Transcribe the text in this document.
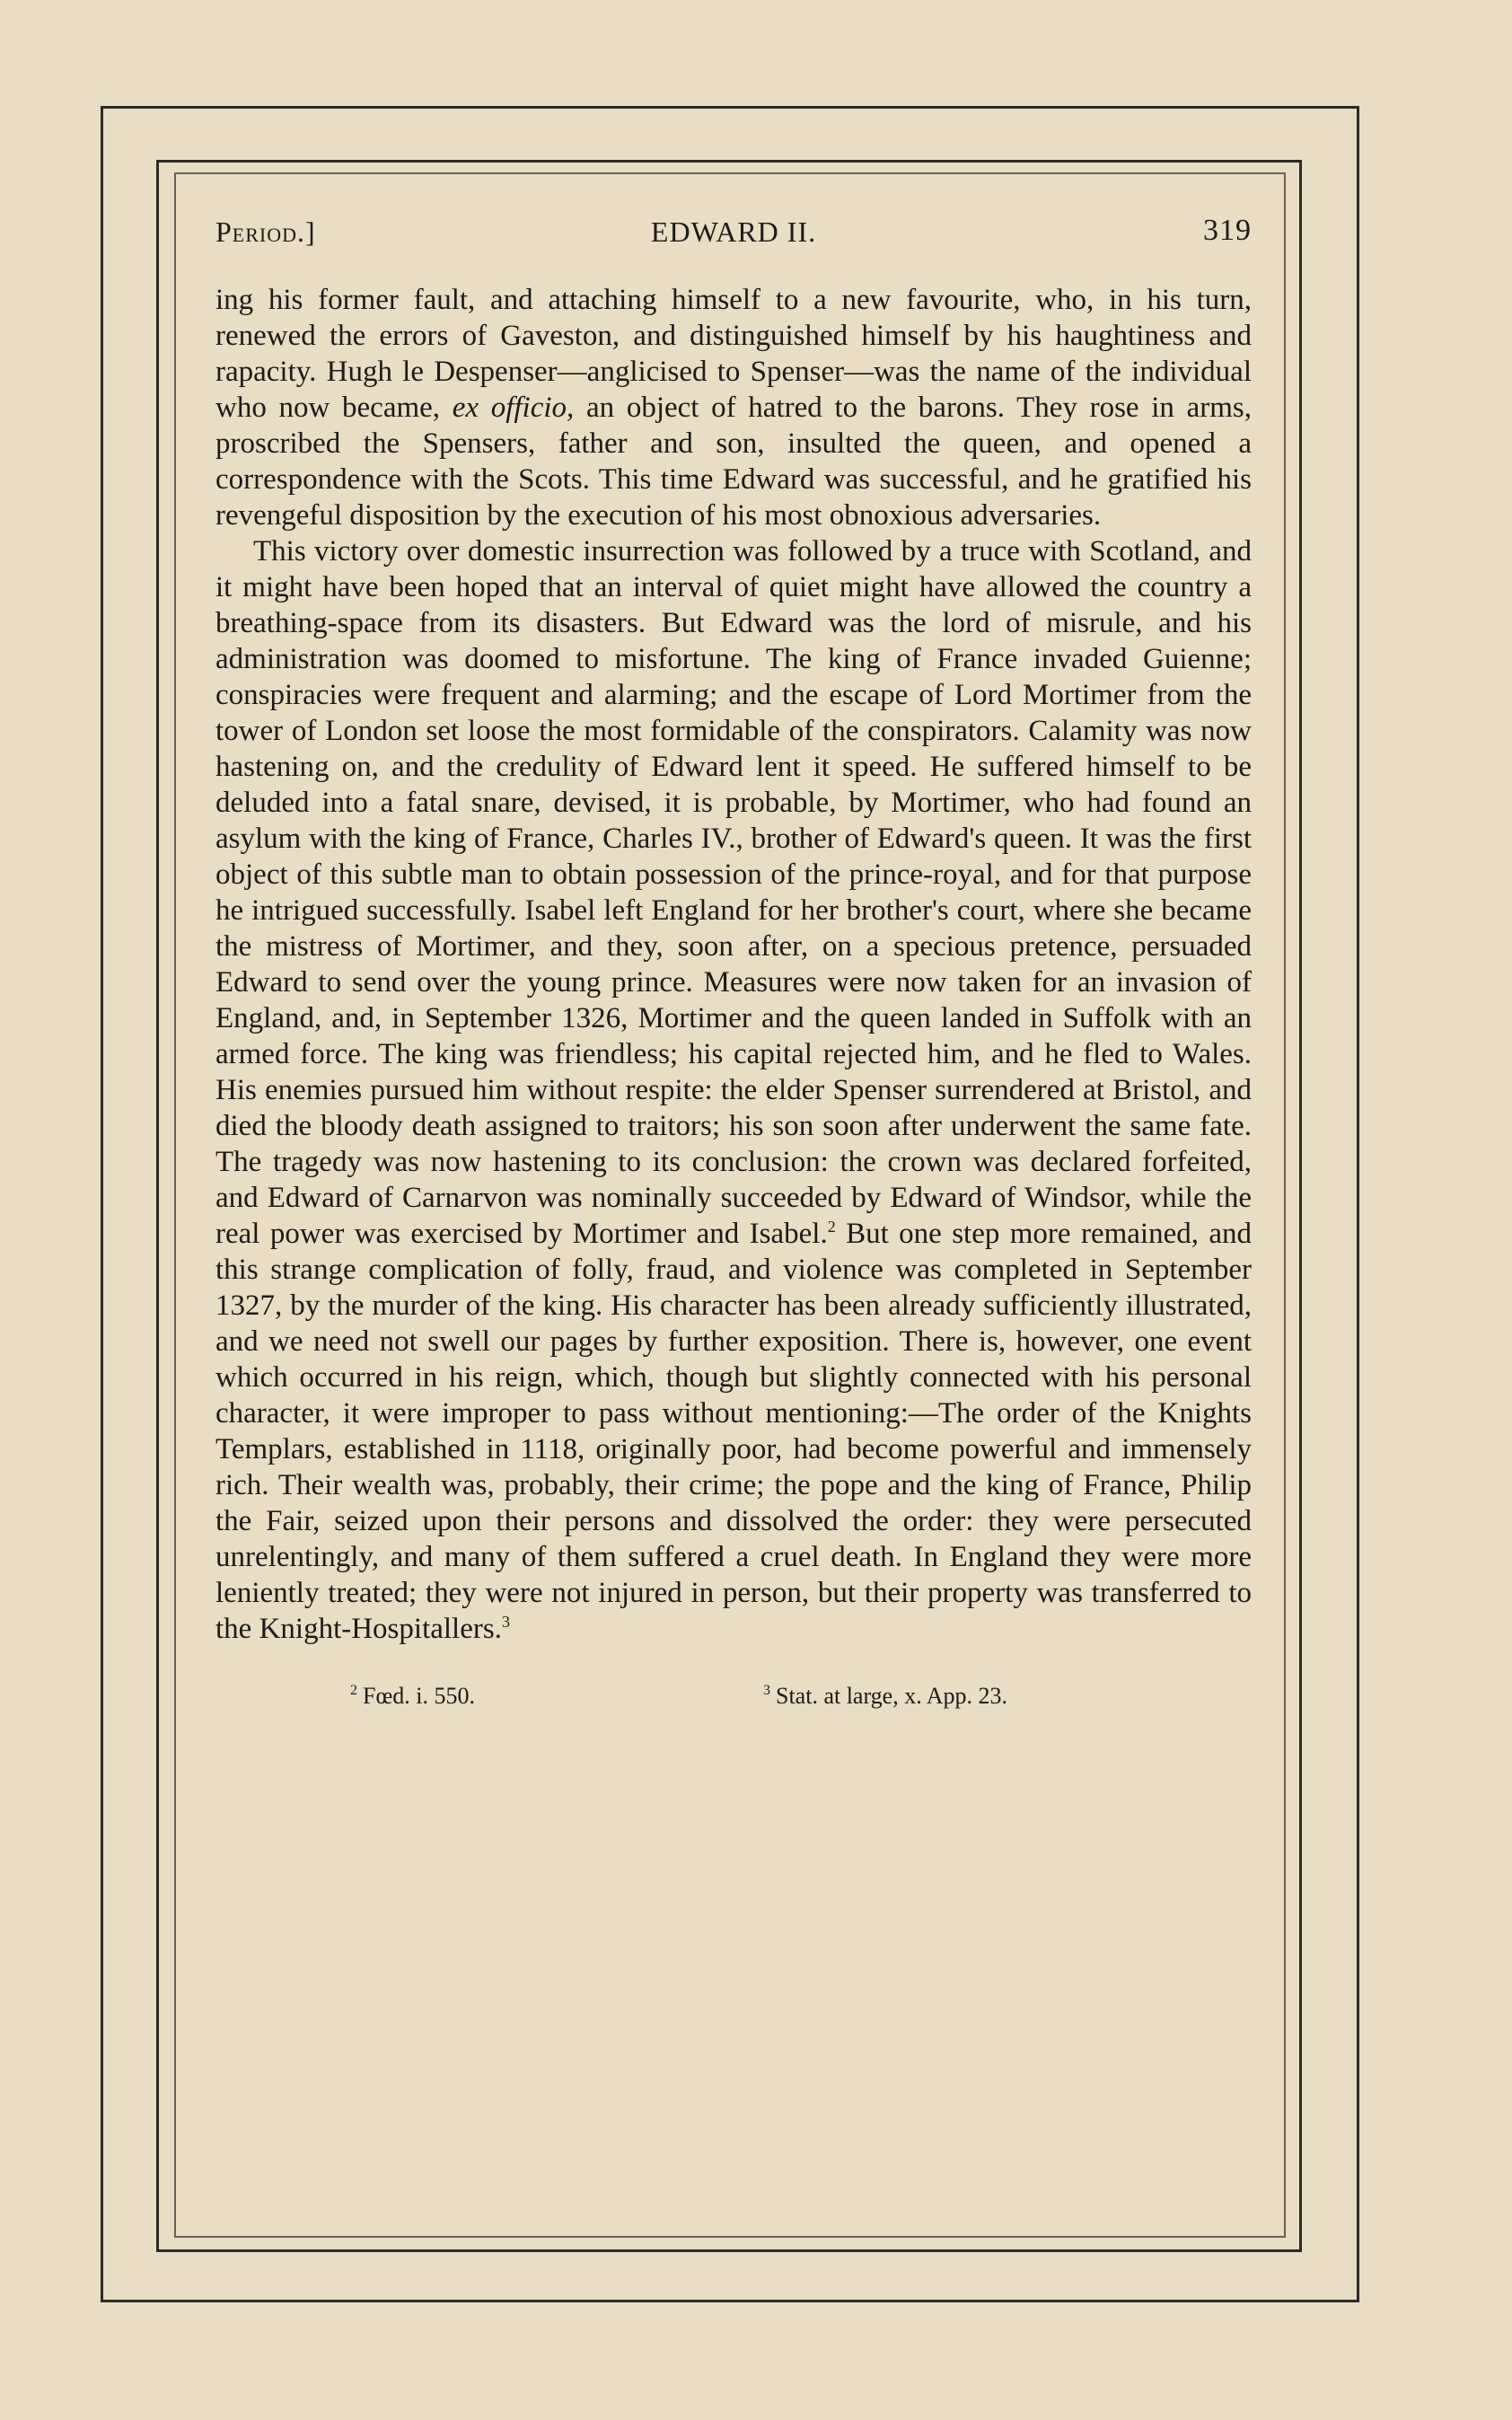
Period.]	EDWARD II.	319

ing his former fault, and attaching himself to a new favourite, who, in his turn, renewed the errors of Gaveston, and distinguished himself by his haughtiness and rapacity. Hugh le Despenser—anglicised to Spenser—was the name of the individual who now became, ex officio, an object of hatred to the barons. They rose in arms, proscribed the Spensers, father and son, insulted the queen, and opened a correspondence with the Scots. This time Edward was successful, and he gratified his revengeful disposition by the execution of his most obnoxious adversaries.

This victory over domestic insurrection was followed by a truce with Scotland, and it might have been hoped that an interval of quiet might have allowed the country a breathing-space from its disasters. But Edward was the lord of misrule, and his administration was doomed to misfortune. The king of France invaded Guienne; conspiracies were frequent and alarming; and the escape of Lord Mortimer from the tower of London set loose the most formidable of the conspirators. Calamity was now hastening on, and the credulity of Edward lent it speed. He suffered himself to be deluded into a fatal snare, devised, it is probable, by Mortimer, who had found an asylum with the king of France, Charles IV., brother of Edward's queen. It was the first object of this subtle man to obtain possession of the prince-royal, and for that purpose he intrigued successfully. Isabel left England for her brother's court, where she became the mistress of Mortimer, and they, soon after, on a specious pretence, persuaded Edward to send over the young prince. Measures were now taken for an invasion of England, and, in September 1326, Mortimer and the queen landed in Suffolk with an armed force. The king was friendless; his capital rejected him, and he fled to Wales. His enemies pursued him without respite: the elder Spenser surrendered at Bristol, and died the bloody death assigned to traitors; his son soon after underwent the same fate. The tragedy was now hastening to its conclusion: the crown was declared forfeited, and Edward of Carnarvon was nominally succeeded by Edward of Windsor, while the real power was exercised by Mortimer and Isabel.$^2$ But one step more remained, and this strange complication of folly, fraud, and violence was completed in September 1327, by the murder of the king. His character has been already sufficiently illustrated, and we need not swell our pages by further exposition. There is, however, one event which occurred in his reign, which, though but slightly connected with his personal character, it were improper to pass without mentioning:—The order of the Knights Templars, established in 1118, originally poor, had become powerful and immensely rich. Their wealth was, probably, their crime; the pope and the king of France, Philip the Fair, seized upon their persons and dissolved the order: they were persecuted unrelentingly, and many of them suffered a cruel death. In England they were more leniently treated; they were not injured in person, but their property was transferred to the Knight-Hospitallers.$^3$

$^2$ Fœd. i. 550.	$^3$ Stat. at large, x. App. 23.
